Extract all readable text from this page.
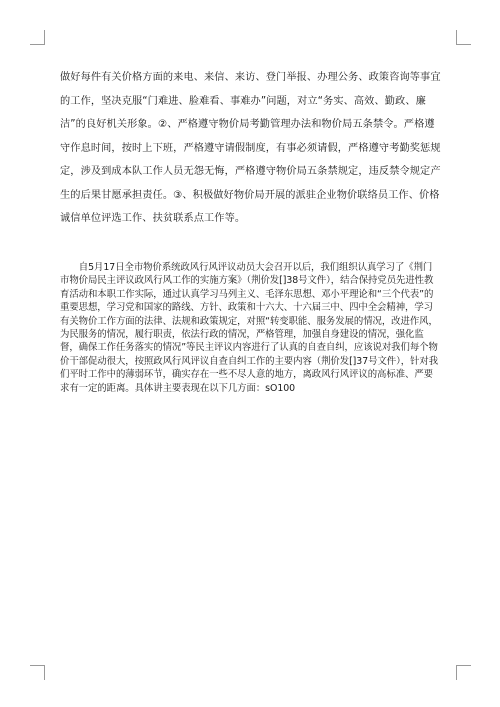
做好每件有关价格方面的来电、来信、来访、登门举报、办理公务、政策咨询等事宜的工作，坚决克服“门难进、脸难看、事难办”问题，对立“务实、高效、勤政、廉洁”的良好机关形象。②、严格遵守物价局考勤管理办法和物价局五条禁令。严格遵守作息时间，按时上下班，严格遵守请假制度，有事必须请假，严格遵守考勤奖惩规定，涉及到成本队工作人员无怨无悔，严格遵守物价局五条禁规定，违反禁令规定产生的后果甘愿承担责任。③、积极做好物价局开展的派驻企业物价联络员工作、价格诚信单位评选工作、扶贫联系点工作等。

自5月17日全市物价系统政风行风评议动员大会召开以后，我们组织认真学习了《荆门市物价局民主评议政风行风工作的实施方案》（荆价发[]38号文件），结合保持党员先进性教育活动和本职工作实际，通过认真学习马列主义、毛泽东思想、邓小平理论和“三个代表”的重要思想，学习党和国家的路线、方针、政策和十六大、十六届三中、四中全会精神，学习有关物价工作方面的法律、法规和政策规定，对照“转变职能、服务发展的情况，改进作风，为民服务的情况，履行职责，依法行政的情况，严格管理，加强自身建设的情况，强化监督，确保工作任务落实的情况”等民主评议内容进行了认真的自查自纠，应该说对我们每个物价干部促动很大，按照政风行风评议自查自纠工作的主要内容（荆价发[]37号文件），针对我们平时工作中的薄弱环节，确实存在一些不尽人意的地方，离政风行风评议的高标准、严要求有一定的距离。具体讲主要表现在以下几方面：sO100
